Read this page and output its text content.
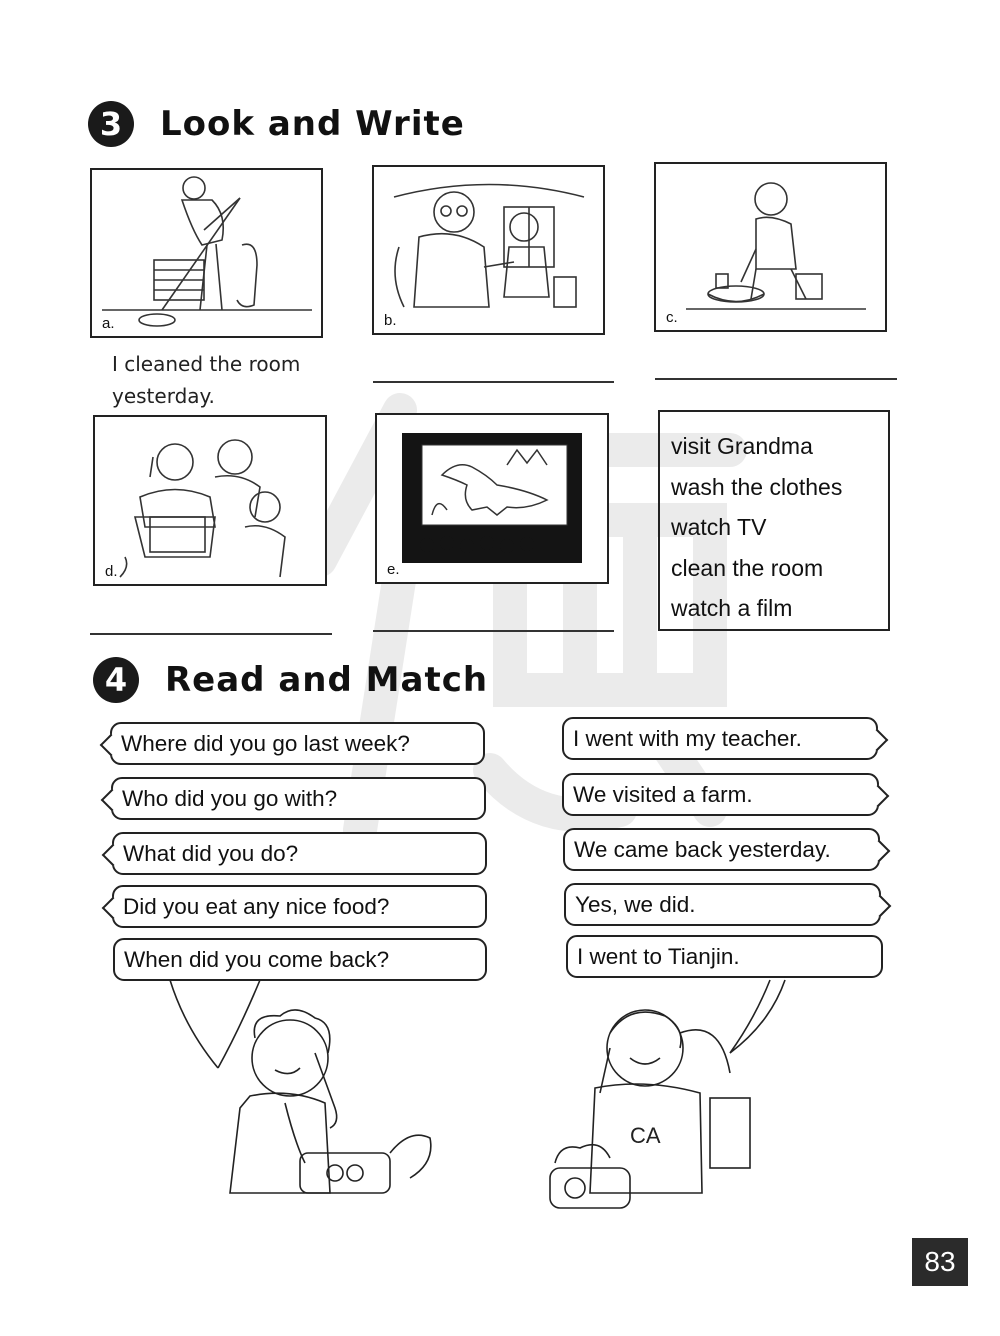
3	Look and Write
a.	b.	c.
I cleaned the room
yesterday.
d.	e.
visit Grandma
wash the clothes
watch TV
clean the room
watch a film
4	Read and Match
Where did you go last week?
Who did you go with?
What did you do?
Did you eat any nice food?
When did you come back?
I went with my teacher.
We visited a farm.
We came back yesterday.
Yes, we did.
I went to Tianjin.
CA
83
